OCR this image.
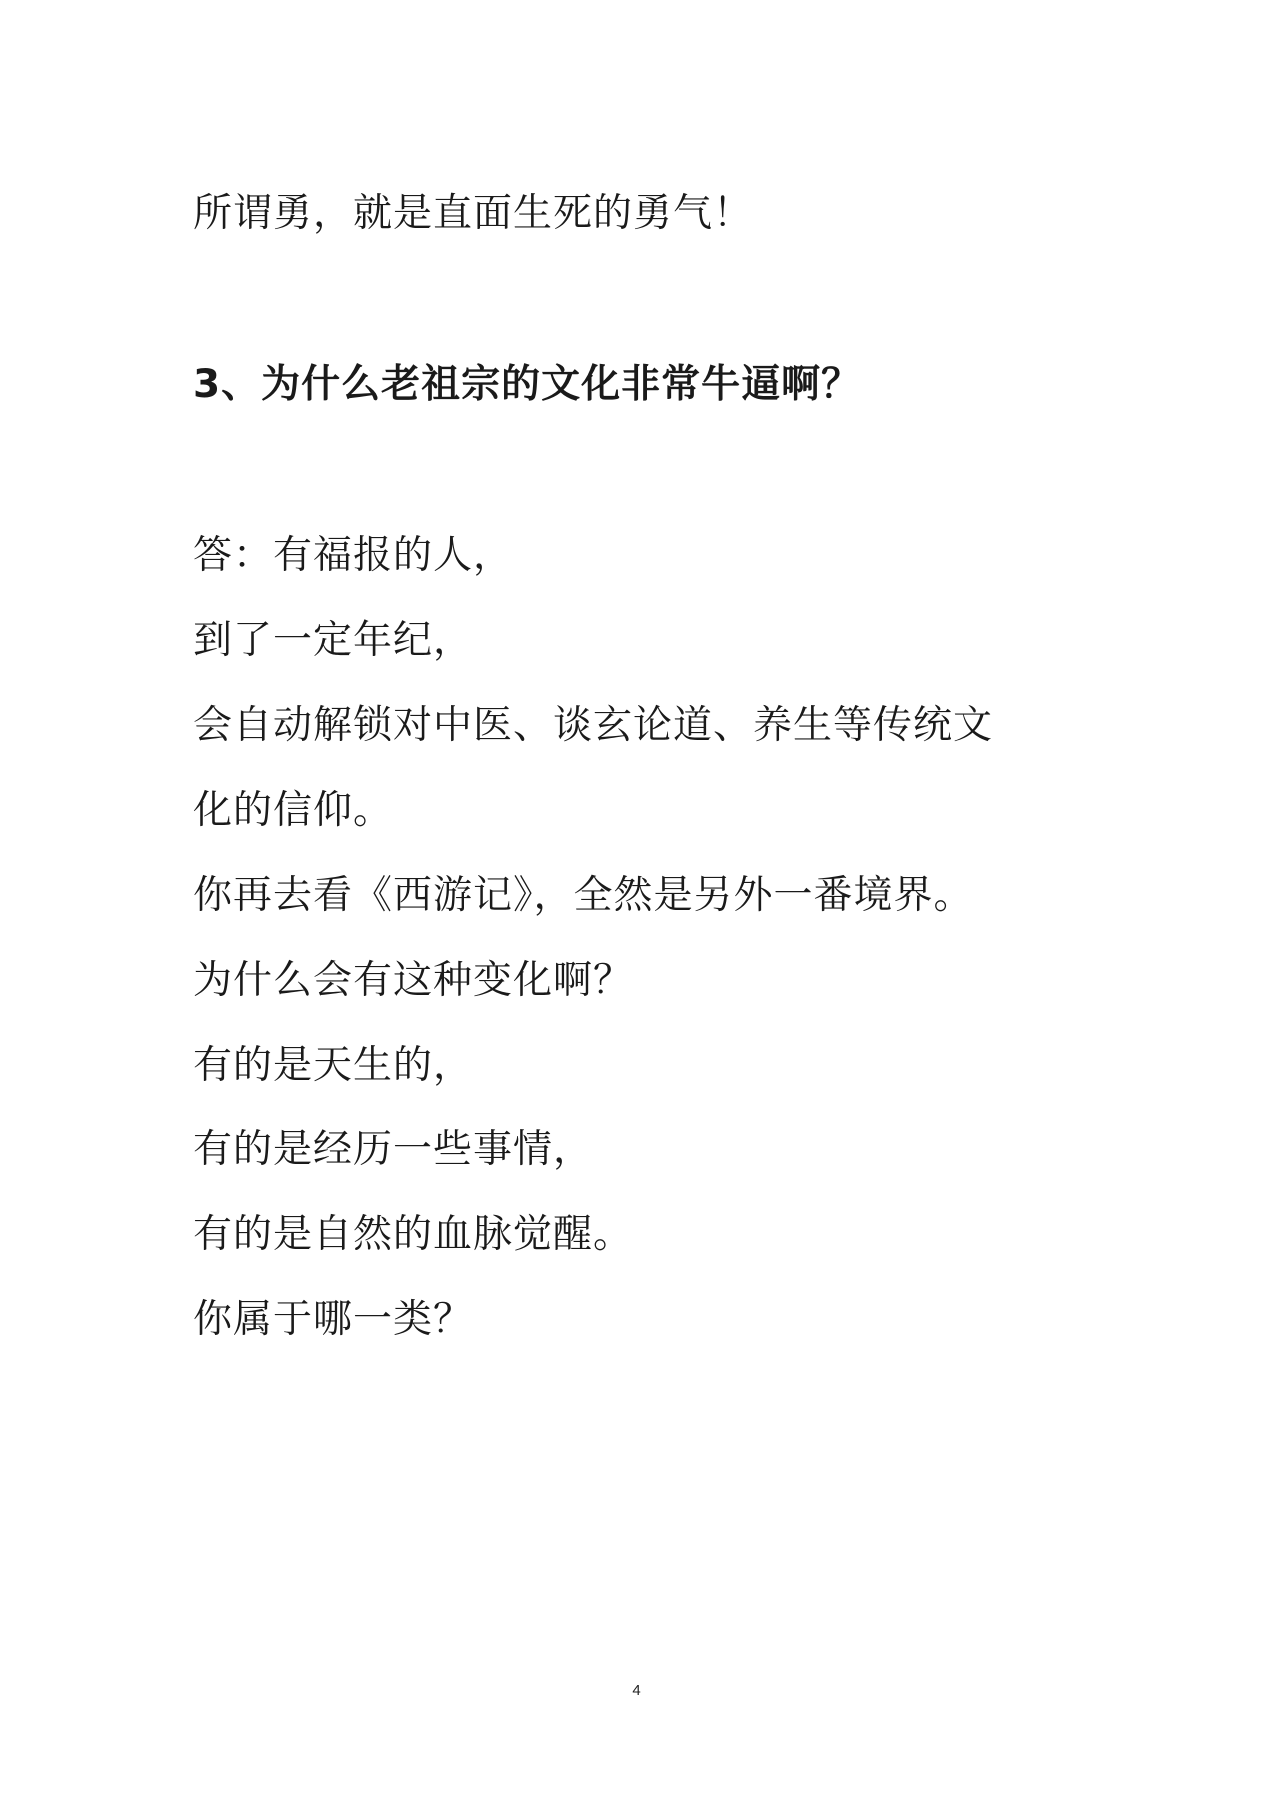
所谓勇，就是直面生死的勇气！

3、为什么老祖宗的文化非常牛逼啊？

答：有福报的人，

到了一定年纪，

会自动解锁对中医、谈玄论道、养生等传统文

化的信仰。

你再去看《西游记》，全然是另外一番境界。

为什么会有这种变化啊？

有的是天生的，

有的是经历一些事情，

有的是自然的血脉觉醒。

你属于哪一类？

4
